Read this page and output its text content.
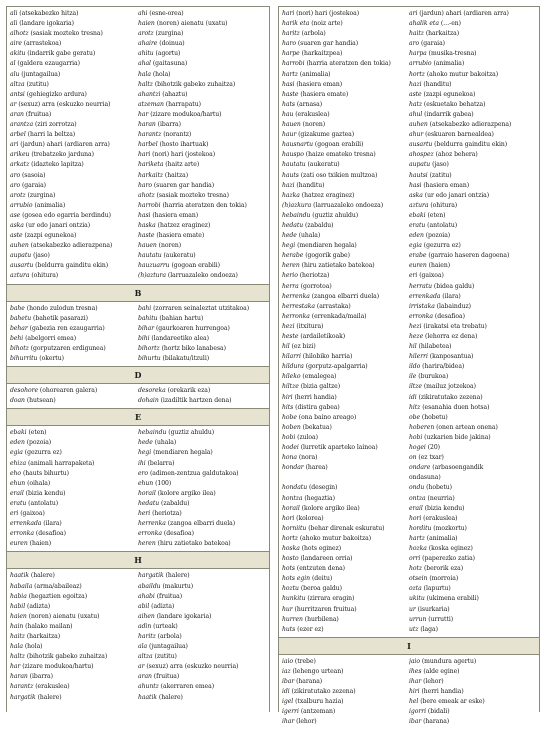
ali (atsekabezko hitza)
ali (landare igokaria)
alhotz (sasiak mozteko tresna)
aire (arrastekoa)
akitu (indarrik gabe geratu)
al (galdera ezaugarria)
alu (juntagailua)
altza (zutitu)
antsi (gehiegizko ardura)
ar (sexuz) arra (eskuzko neurria)
aran (fruitua)
arantza (ziri zorrotza)
arbel (harri la beltza)
ari (jardun) ahari (ardiaren arra)
arikeu (trebatzeko jarduna)
arkatz (idazteko lapitza)
aro (sasoia)
aro (garaia)
arotz (zurgina)
arrubio (animalia)
ase (gosea edo egarria berdindu)
aska (ur edo janari ontzia)
aste (zazpi egunekoa)
auhen (atsekabezko adierazpena)
aupatu (jaso)
ausartu (beldurra gainditu ekin)
aztura (ohitura)
ahi (esne-orea)
haien (noren) aienatu (uxatu)
arotz (zurgina)
ahaire (doinua)
ahitu (agortu)
ahal (gaitasuna)
hala (hola)
haltz (bihotzik gabeko zuhaitza)
ahantzi (ahaztu)
atzeman (harrapatu)
har (zizare modukoa/hartu)
haran (ibarra)
harantz (norantz)
harbel (hosto ihartuak)
hari (nori) hari (jostekoa)
hariketa (haitz arte)
harkaitz (haitza)
haro (suaren gar handia)
ahotz (sasiak mozteko tresna)
harrobi (harria ateratzen den tokia)
hasi (hasiera eman)
haska (hatzez eraginez)
haste (hasiera emate)
hauen (noren)
hautatu (aukeratu)
hauzuarru (gogoan erabili)
(h)aztura (larruazaleko ondoeza)
B
bahe (hondo zulodun tresna)
bahetu (bahetik pasarazi)
behar (gabezia ren ezaugarria)
behi (abelgorri emea)
bihotz (gorputzaren erdigunea)
bihurritu (okertu)
bahi (zorraren seinaleztat utzitakoa)
bahitu (bahian hartu)
bihar (gaurkoaren hurrengoa)
bihi (landareetiko alea)
bihortz (hortz biko lanabesa)
bihurtu (bilakatu/itzuli)
D
desohore (ohorearen galera)
doan (hutsean)
desoreka (orekarik eza)
dohain (izadiltik hartzen dena)
E
ebaki (eten)
eden (pozoia)
egia (gezurra ez)
ehiza (animali harrapaketa)
eho (hauts bihurtu)
ehun (oihala)
erail (bizia kendu)
eratu (antolatu)
eri (gaixoa)
errenkada (ilara)
erronka (desafioa)
euren (haien)
hebaindu (guztiz ahuldu)
hede (uhala)
hegi (mendiaren hegala)
ihi (belarra)
ero (adimen-zentzua galdutakoa)
ehun (100)
horail (kolore argiko ilea)
hedatu (zabaldu)
heri (heriotza)
herrenka (zangoa elbarri duela)
erronka (desafioa)
heren (hiru zatietako batekoa)
H
haatik (halere)
habaila (arma/abaileaz)
habia (hegaztien egoitza)
habil (adizta)
haien (noren) aienatu (uxatu)
hain (halako mailan)
haitz (harkaitza)
hala (hola)
haltz (bihotzik gabeko zuhaitza)
har (zizare modukoa/hartu)
haran (ibarra)
harantz (erakuslea)
hargatik (halere)
hargatik (halere)
abaildu (makurtu)
ahabi (fruitua)
abil (adizta)
aihen (landare igokaria)
adin (urteak)
haritz (arbola)
ala (juntagailua)
altza (zutitu)
ar (sexuz) arra (eskuzko neurria)
aran (fruitua)
ahuntz (akerraren emea)
haatik (halere)
hari (nori) hari (jostekoa)
harik eta (noiz arte)
haritz (arbola)
haro (suaren gar handia)
harpe (harkaitzpea)
harrobi (harria ateratzen den tokia)
hartz (animalia)
hasi (hasiera eman)
haste (hasiera emate)
hats (arnasa)
hau (erakuslea)
hauen (noren)
haur (gizakume gaztea)
hausnartu (gogoan erabili)
hauspo (haize emateko tresna)
hautatu (aukeratu)
hauts (zati oso txikien multzoa)
hazi (handitu)
hazka (hatzez eraginez)
(h)azkura (larruazaleko ondoeza)
hebaindu (guztiz ahuldu)
hedatu (zabaldu)
hede (uhala)
hegi (mendiaren hegala)
herabe (gogorik gabe)
heren (hiru zatietako batekoa)
herio (heriotza)
herra (gorrotoa)
herrenka (zangoa elbarri duela)
herrestaka (arrastaka)
herronka (errenkada/maila)
hezi (itxitura)
heste (ardailetikoak)
hil (ez bizi)
hilarri (hilobiko harria)
hildura (gorputz-apalgarria)
hileko (emalegea)
hiltze (bizia galtze)
hiri (herri handia)
hits (distira gabea)
hobe (ona baino areago)
hoben (bekatua)
hobi (zuloa)
hodei (lurretik aparteko lainoa)
hona (nora)
hondar (harea)
hondatu (desegin)
hontza (hegaztia)
horail (kolore argiko ilea)
hori (kolorea)
horniitu (behar direnak eskuratu)
hortz (ahoko mutur bakoitza)
hoska (hots eginez)
hosto (landareen orria)
hots (entzuten dena)
hots egin (deitu)
hoztu (beroa galdu)
hunkitu (zirrara eragin)
hur (hurritzaren fruitua)
hurren (hurbilena)
huts (ezer ez)
ari (jardun) ahari (ardiaren arra)
ahalik eta (…-en)
haitz (harkaitza)
aro (garaia)
harpa (musika-tresna)
arrubio (animalia)
hortz (ahoko mutur bakoitza)
hazi (handitu)
aste (zazpi egunekoa)
hatz (eskuetako behatza)
ahul (indarrik gabea)
auhen (atsekabezko adierazpena)
ahur (eskuaren barnealdea)
ausartu (beldurra gainditu ekin)
ahospez (ahoz behera)
aupatu (jaso)
hautsi (zatitu)
hasi (hasiera eman)
aska (ur edo janari ontzia)
aztura (ohitura)
ebaki (eten)
eratu (antolatu)
eden (pozoia)
egia (gezurra ez)
erabe (garraio haseren dagoena)
euren (haien)
eri (gaixoa)
herratu (bideа galdu)
errenkada (ilara)
irristaka (labainduz)
erronka (desafioa)
hezi (irakatsi eta trebatu)
heze (lehorra ez dena)
hil (hilabetea)
hilerri (kanposantua)
ildo (harira/bidea)
ile (burukoa)
iltze (mailuz jotzekoa)
idi (zikiratutako zezena)
hitz (esanahia duen hotsa)
obe (hobetu)
hoberen (onen artean onena)
hobi (uzkarien bide jakina)
hogei (20)
on (ez txar)
ondare (arbasoengandik
ondasuna)
ondu (hobetu)
ontza (neurria)
erail (bizia kendu)
hori (erakuslea)
horditu (mozkortu)
hartz (animalia)
hozka (koska eginez)
orri (paperezko zatia)
hotz (berorik eza)
otsein (morroia)
ozta (lapurtu)
ukitu (ukimena erabili)
ur (isurkaria)
urrun (urrutti)
utz (laga)
I
iaio (trebe)
iaz (lehengo urtean)
ibar (harana)
idi (zikiratutako zezena)
igel (txalburu hazia)
igerri (antzeman)
ihar (lehor)
jaio (mundura agertu)
ihes (alde egine)
ihar (lehor)
hiri (herri handia)
hel (bere emeak ar eske)
igorri (bidali)
ibar (harana)
